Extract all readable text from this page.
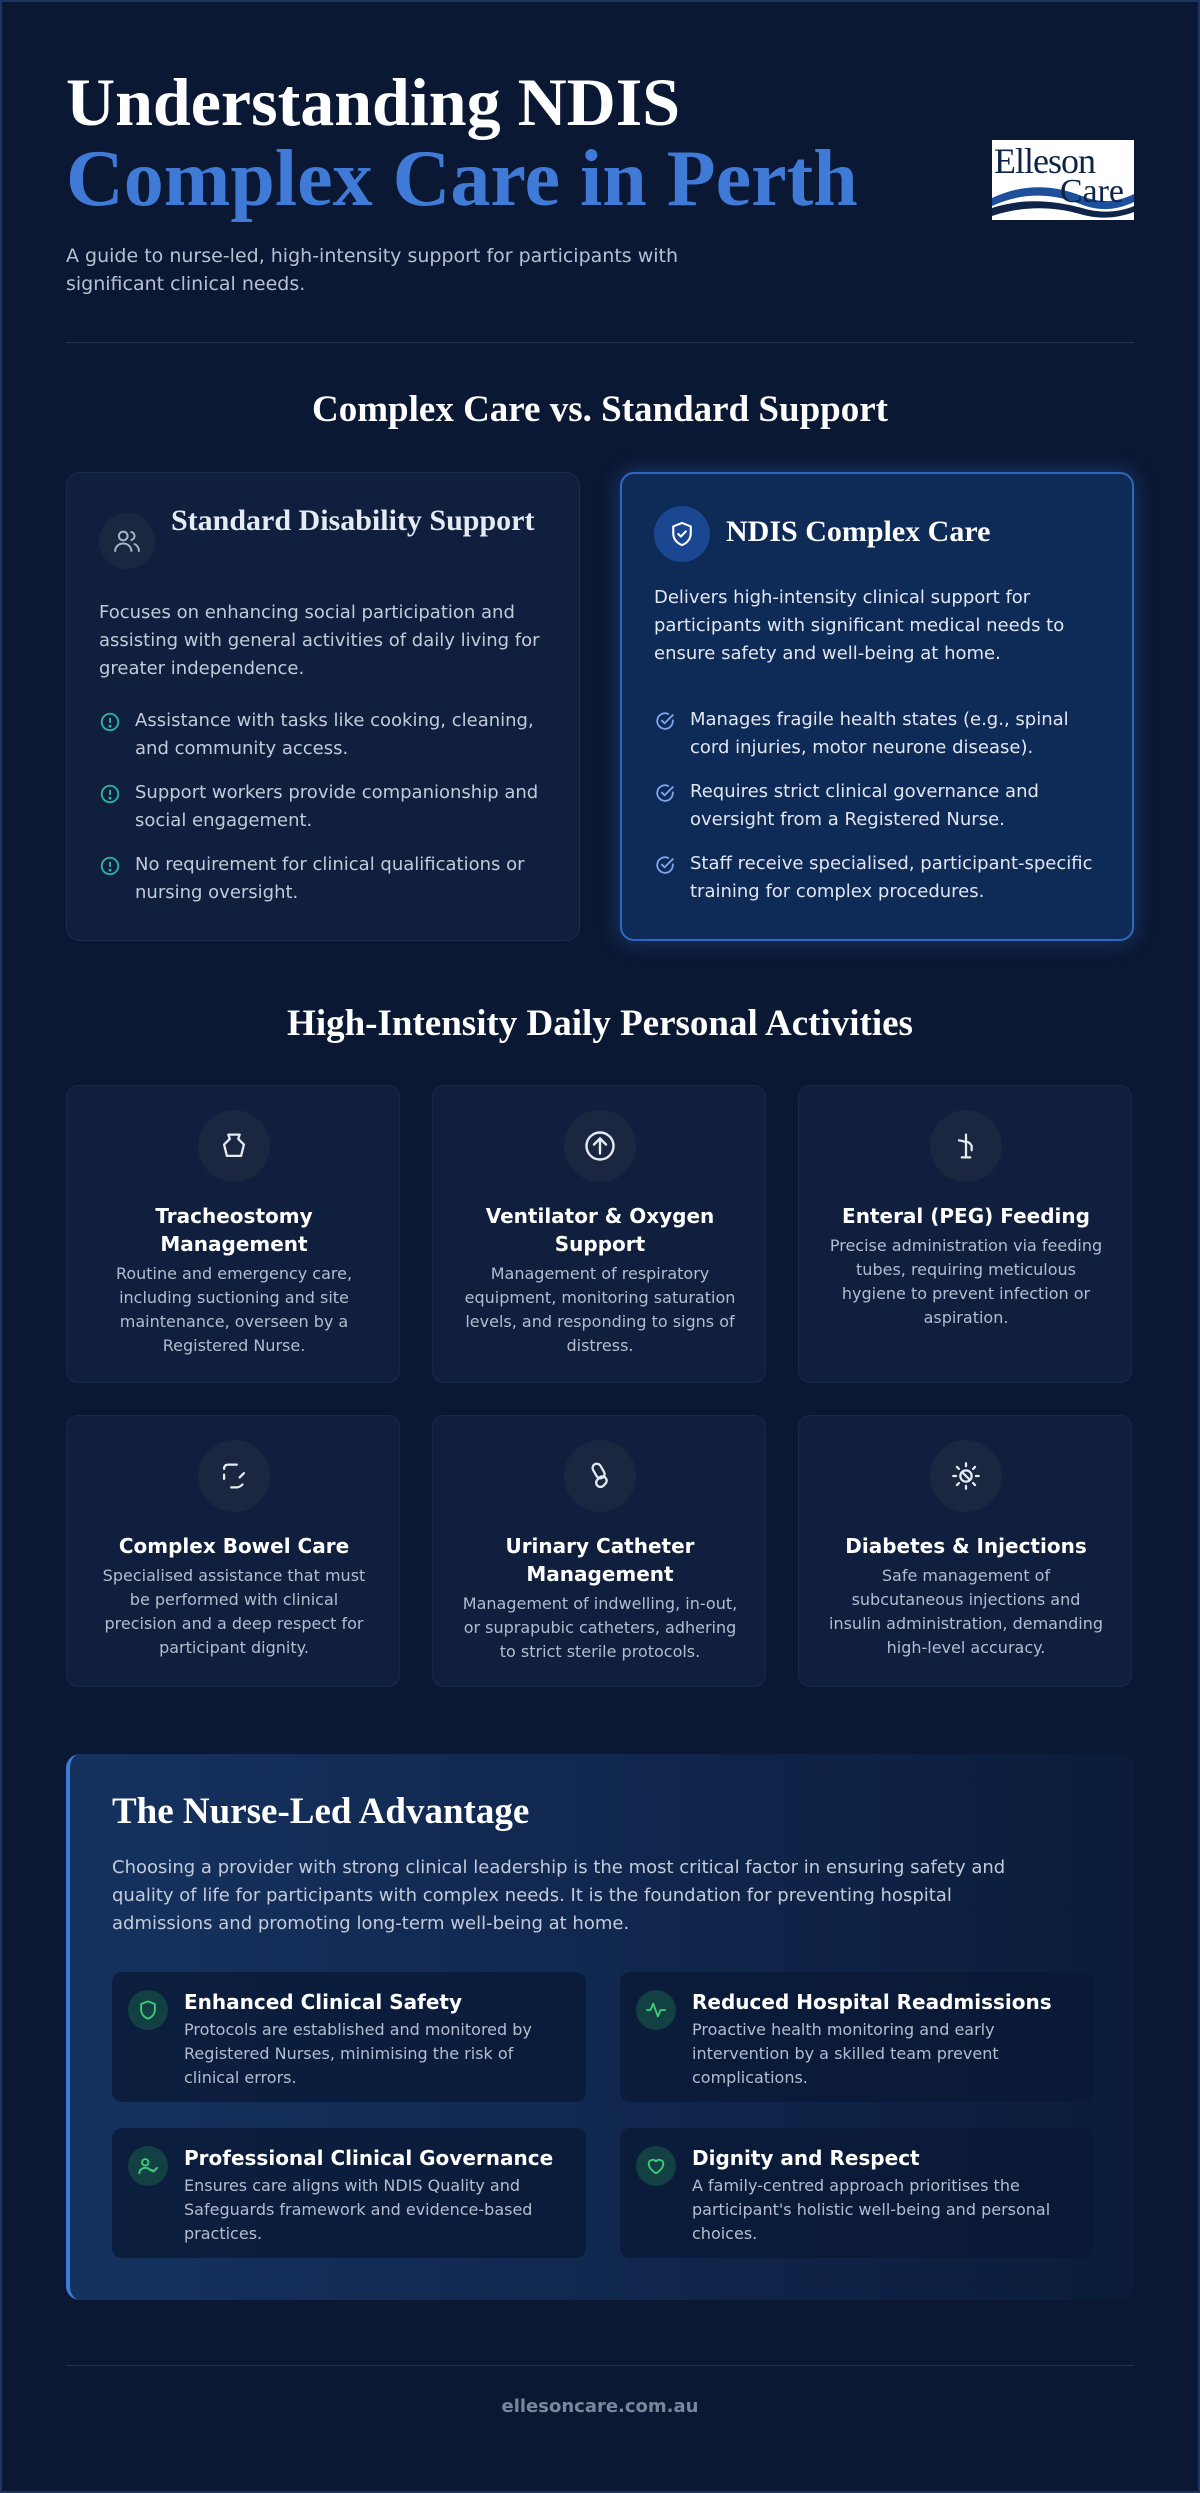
Understanding NDIS
Complex Care in Perth
A guide to nurse-led, high-intensity support for participants with significant clinical needs.
Elleson
Care
Complex Care vs. Standard Support
Standard Disability Support

Focuses on enhancing social participation and assisting with general activities of daily living for greater independence.

Assistance with tasks like cooking, cleaning, and community access.
Support workers provide companionship and social engagement.
No requirement for clinical qualifications or nursing oversight.
NDIS Complex Care

Delivers high-intensity clinical support for participants with significant medical needs to ensure safety and well-being at home.

Manages fragile health states (e.g., spinal cord injuries, motor neurone disease).
Requires strict clinical governance and oversight from a Registered Nurse.
Staff receive specialised, participant-specific training for complex procedures.
High-Intensity Daily Personal Activities
Tracheostomy Management

Routine and emergency care, including suctioning and site maintenance, overseen by a Registered Nurse.

Ventilator & Oxygen Support

Management of respiratory equipment, monitoring saturation levels, and responding to signs of distress.

Enteral (PEG) Feeding

Precise administration via feeding tubes, requiring meticulous hygiene to prevent infection or aspiration.

Complex Bowel Care

Specialised assistance that must be performed with clinical precision and a deep respect for participant dignity.

Urinary Catheter Management

Management of indwelling, in-out, or suprapubic catheters, adhering to strict sterile protocols.

Diabetes & Injections

Safe management of subcutaneous injections and insulin administration, demanding high-level accuracy.

The Nurse-Led Advantage

Choosing a provider with strong clinical leadership is the most critical factor in ensuring safety and quality of life for participants with complex needs. It is the foundation for preventing hospital admissions and promoting long-term well-being at home.

Enhanced Clinical Safety

Protocols are established and monitored by Registered Nurses, minimising the risk of clinical errors.

Reduced Hospital Readmissions

Proactive health monitoring and early intervention by a skilled team prevent complications.

Professional Clinical Governance

Ensures care aligns with NDIS Quality and Safeguards framework and evidence-based practices.

Dignity and Respect

A family-centred approach prioritises the participant's holistic well-being and personal choices.

ellesoncare.com.au
